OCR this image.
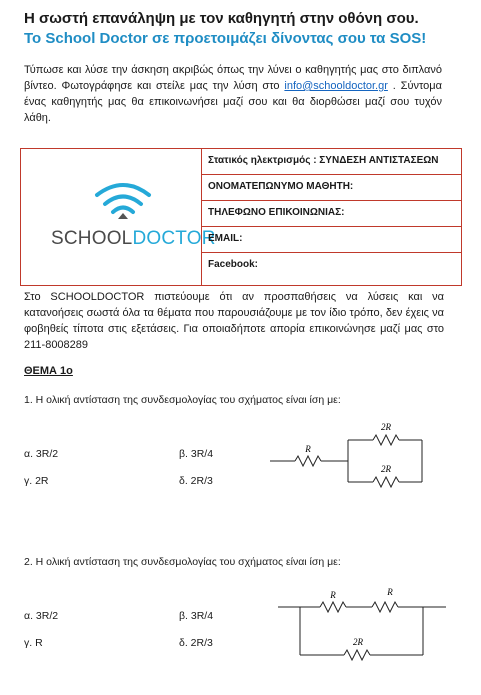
Η σωστή επανάληψη με τον καθηγητή στην οθόνη σου.
Το School Doctor σε προετοιμάζει δίνοντας σου τα SOS!
Τύπωσε και λύσε την άσκηση ακριβώς όπως την λύνει ο καθηγητής μας στο διπλανό βίντεο. Φωτογράφησε και στείλε μας την λύση στο info@schooldoctor.gr . Σύντομα ένας καθηγητής μας θα επικοινωνήσει μαζί σου και θα διορθώσει μαζί σου τυχόν λάθη.
SCHOOLDOCTOR
Στατικός ηλεκτρισμός : ΣΥΝΔΕΣΗ ΑΝΤΙΣΤΑΣΕΩΝ
ΟΝΟΜΑΤΕΠΩΝΥΜΟ ΜΑΘΗΤΗ:
ΤΗΛΕΦΩΝΟ ΕΠΙΚΟΙΝΩΝΙΑΣ:
EMAIL:
Facebook:
Στο SCHOOLDOCTOR πιστεύουμε ότι αν προσπαθήσεις να λύσεις και να κατανοήσεις σωστά όλα τα θέματα που παρουσιάζουμε με τον ίδιο τρόπο, δεν έχεις να φοβηθείς τίποτα στις εξετάσεις. Για οποιαδήποτε απορία επικοινώνησε μαζί μας στο 211-8008289
ΘΕΜΑ 1ο
1. Η ολική αντίσταση της συνδεσμολογίας του σχήματος είναι ίση με:
α. 3R/2	β. 3R/4
γ. 2R	δ. 2R/3
R
2R
2R
2. Η ολική αντίσταση της συνδεσμολογίας του σχήματος είναι ίση με:
α. 3R/2	β. 3R/4
γ. R	δ. 2R/3
R	R
2R
